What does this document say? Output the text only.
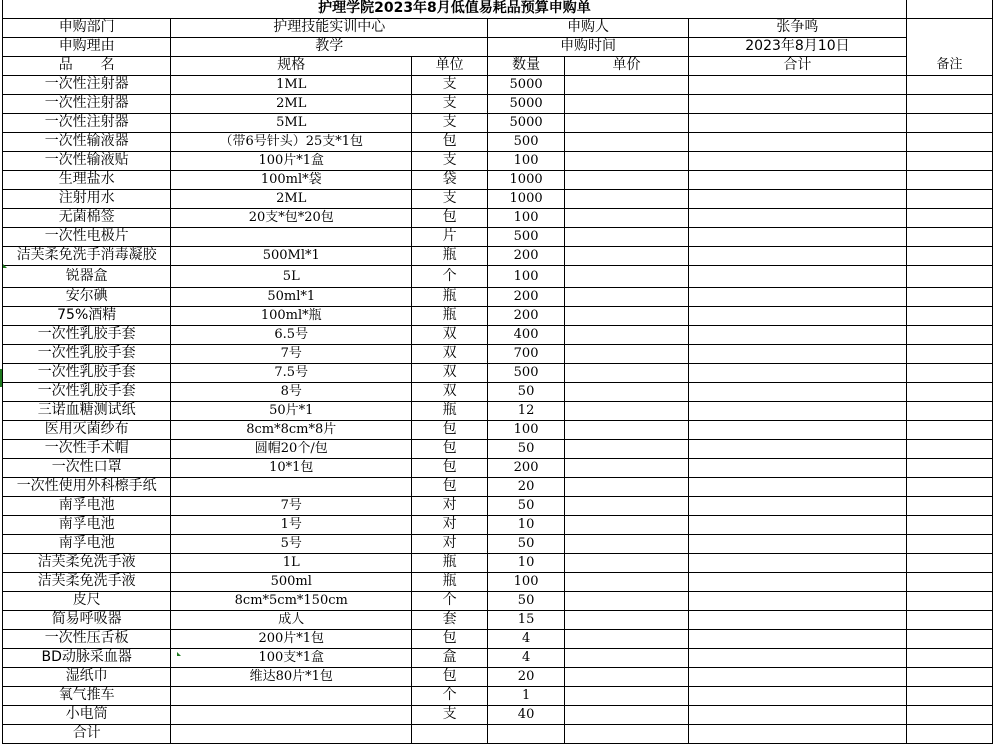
护理学院2023年8月低值易耗品预算申购单						
申购部门	护理技能实训中心		申购人		张争鸣	备注

申购理由	教学		申购时间		2023年8月10日	
品　　名	规格	单位	数量	单价	合计	
一次性注射器	1ML	支	5000			
一次性注射器	2ML	支	5000			
一次性注射器	5ML	支	5000			
一次性输液器	（带6号针头）25支*1包	包	500			
一次性输液贴	100片*1盒	支	100			
生理盐水	100ml*袋	袋	1000			
注射用水	2ML	支	1000			
无菌棉签	20支*包*20包	包	100			
一次性电极片		片	500			
洁芙柔免洗手消毒凝胶	500Ml*1	瓶	200			
锐器盒	5L	个	100			
安尔碘	50ml*1	瓶	200			
75%酒精	100ml*瓶	瓶	200			
一次性乳胶手套	6.5号	双	400			
一次性乳胶手套	7号	双	700			
一次性乳胶手套	7.5号	双	500			
一次性乳胶手套	8号	双	50			
三诺血糖测试纸	50片*1	瓶	12			
医用灭菌纱布	8cm*8cm*8片	包	100			
一次性手术帽	圆帽20个/包	包	50			
一次性口罩	10*1包	包	200			
一次性使用外科檫手纸		包	20			
南孚电池	7号	对	50			
南孚电池	1号	对	10			
南孚电池	5号	对	50			
洁芙柔免洗手液	1L	瓶	10			
洁芙柔免洗手液	500ml	瓶	100			
皮尺	8cm*5cm*150cm	个	50			
简易呼吸器	成人	套	15			
一次性压舌板	200片*1包	包	4			
BD动脉采血器	100支*1盒	盒	4			
湿纸巾	维达80片*1包	包	20			
氧气推车		个	1			
小电筒		支	40			
合计						
